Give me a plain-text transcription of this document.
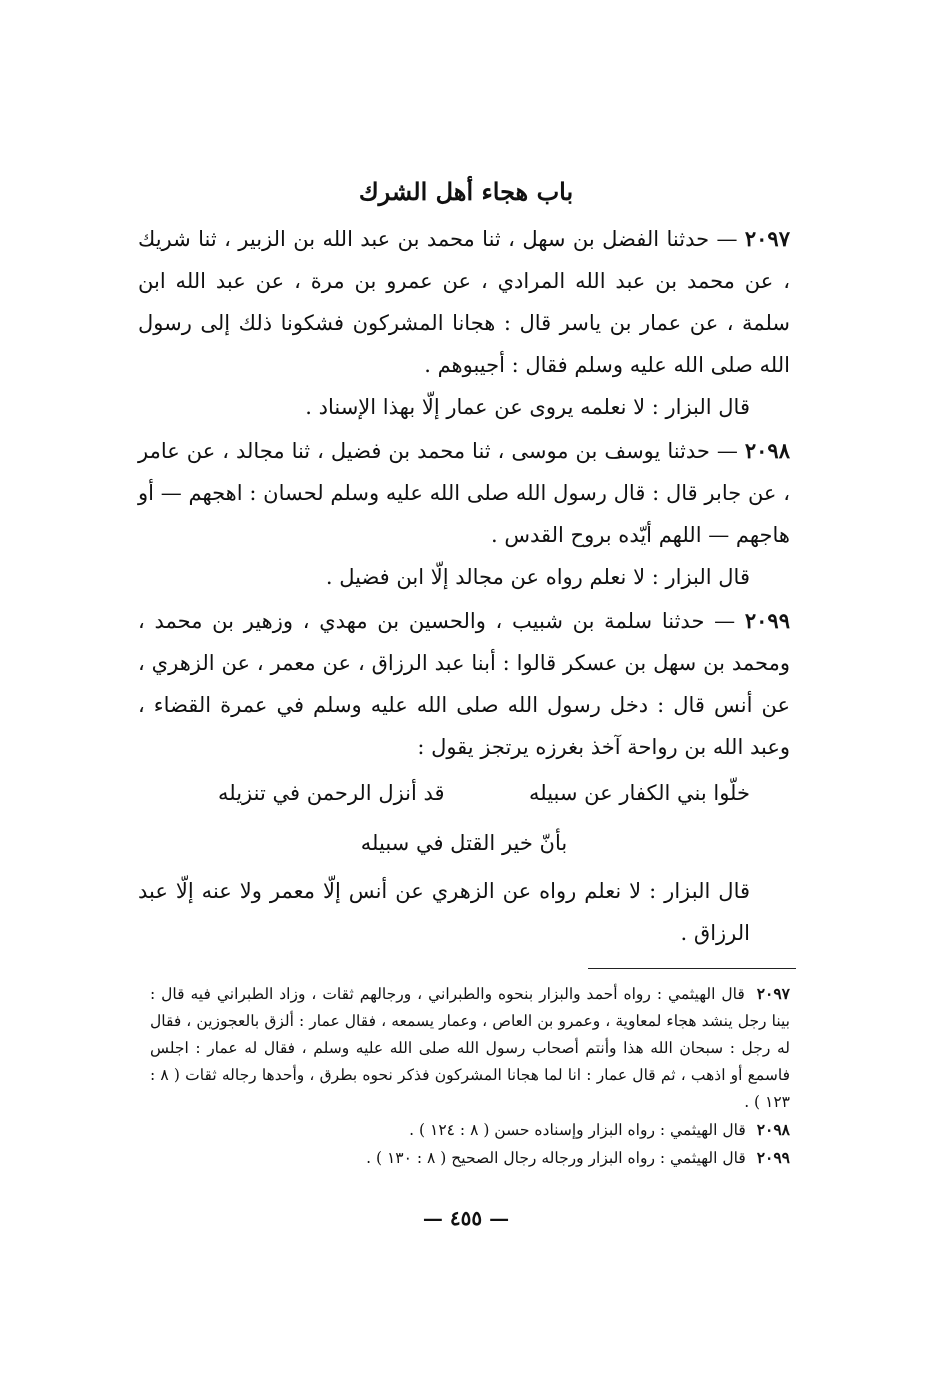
باب هجاء أهل الشرك

٢٠٩٧ — حدثنا الفضل بن سهل ، ثنا محمد بن عبد الله بن الزبير ، ثنا شريك ، عن محمد بن عبد الله المرادي ، عن عمرو بن مرة ، عن عبد الله ابن سلمة ، عن عمار بن ياسر قال : هجانا المشركون فشكونا ذلك إلى رسول الله صلى الله عليه وسلم فقال : أجيبوهم .

قال البزار : لا نعلمه يروى عن عمار إلّا بهذا الإسناد .

٢٠٩٨ — حدثنا يوسف بن موسى ، ثنا محمد بن فضيل ، ثنا مجالد ، عن عامر ، عن جابر قال : قال رسول الله صلى الله عليه وسلم لحسان : اهجهم — أو هاجهم — اللهم أيّده بروح القدس .

قال البزار : لا نعلم رواه عن مجالد إلّا ابن فضيل .

٢٠٩٩ — حدثنا سلمة بن شبيب ، والحسين بن مهدي ، وزهير بن محمد ، ومحمد بن سهل بن عسكر قالوا : أبنا عبد الرزاق ، عن معمر ، عن الزهري ، عن أنس قال : دخل رسول الله صلى الله عليه وسلم في عمرة القضاء ، وعبد الله بن رواحة آخذ بغرزه يرتجز يقول :

خلّوا بني الكفار عن سبيله
قد أنزل الرحمن في تنزيله

بأنّ خير القتل في سبيله

قال البزار : لا نعلم رواه عن الزهري عن أنس إلّا معمر ولا عنه إلّا عبد الرزاق .

٢٠٩٧ قال الهيثمي : رواه أحمد والبزار بنحوه والطبراني ، ورجالهم ثقات ، وزاد الطبراني فيه قال : بينا رجل ينشد هجاء لمعاوية ، وعمرو بن العاص ، وعمار يسمعه ، فقال عمار : ألزق بالعجوزين ، فقال له رجل : سبحان الله هذا وأنتم أصحاب رسول الله صلى الله عليه وسلم ، فقال له عمار : اجلس فاسمع أو اذهب ، ثم قال عمار : انا لما هجانا المشركون فذكر نحوه بطرق ، وأحدها رجاله ثقات ( ٨ : ١٢٣ ) .

٢٠٩٨ قال الهيثمي : رواه البزار وإسناده حسن ( ٨ : ١٢٤ ) .

٢٠٩٩ قال الهيثمي : رواه البزار ورجاله رجال الصحيح ( ٨ : ١٣٠ ) .

— ٤٥٥ —
